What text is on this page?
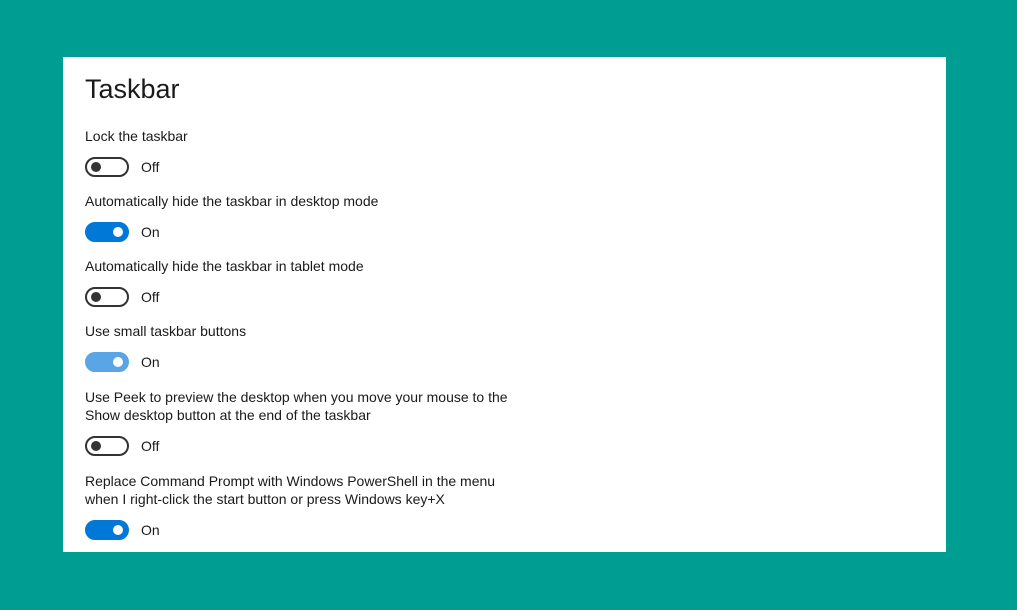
Taskbar
Lock the taskbar
Off
Automatically hide the taskbar in desktop mode
On
Automatically hide the taskbar in tablet mode
Off
Use small taskbar buttons
On
Use Peek to preview the desktop when you move your mouse to the
Show desktop button at the end of the taskbar
Off
Replace Command Prompt with Windows PowerShell in the menu
when I right-click the start button or press Windows key+X
On
